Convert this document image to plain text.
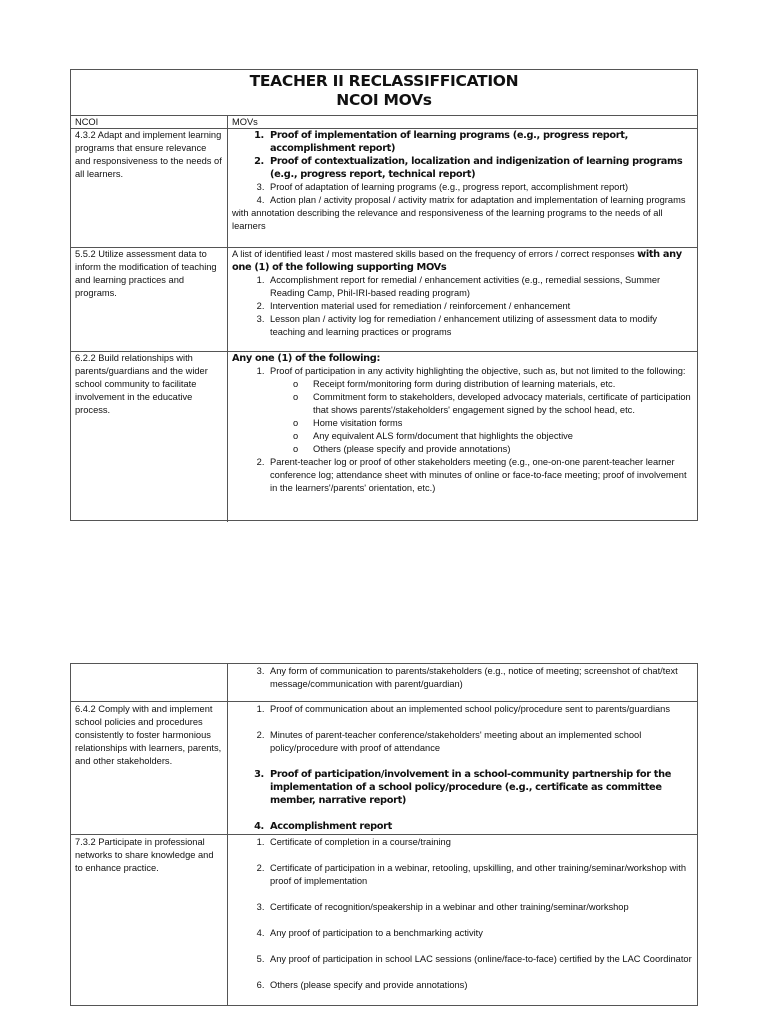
TEACHER II RECLASSIFFICATION
NCOI MOVs
NCOI	MOVs
4.3.2 Adapt and implement learning programs that ensure relevance and responsiveness to the needs of all learners.
1. Proof of implementation of learning programs (e.g., progress report, accomplishment report)
2. Proof of contextualization, localization and indigenization of learning programs (e.g., progress report, technical report)
3. Proof of adaptation of learning programs (e.g., progress report, accomplishment report)
4. Action plan / activity proposal / activity matrix for adaptation and implementation of learning programs
with annotation describing the relevance and responsiveness of the learning programs to the needs of all learners
5.5.2 Utilize assessment data to inform the modification of teaching and learning practices and programs.
A list of identified least / most mastered skills based on the frequency of errors / correct responses with any one (1) of the following supporting MOVs
1. Accomplishment report for remedial / enhancement activities (e.g., remedial sessions, Summer Reading Camp, Phil-IRI-based reading program)
2. Intervention material used for remediation / reinforcement / enhancement
3. Lesson plan / activity log for remediation / enhancement utilizing of assessment data to modify teaching and learning practices or programs
6.2.2 Build relationships with parents/guardians and the wider school community to facilitate involvement in the educative process.
Any one (1) of the following:
1. Proof of participation in any activity highlighting the objective, such as, but not limited to the following:
o Receipt form/monitoring form during distribution of learning materials, etc.
o Commitment form to stakeholders, developed advocacy materials, certificate of participation that shows parents'/stakeholders' engagement signed by the school head, etc.
o Home visitation forms
o Any equivalent ALS form/document that highlights the objective
o Others (please specify and provide annotations)
2. Parent-teacher log or proof of other stakeholders meeting (e.g., one-on-one parent-teacher learner conference log; attendance sheet with minutes of online or face-to-face meeting; proof of involvement in the learners'/parents' orientation, etc.)
3. Any form of communication to parents/stakeholders (e.g., notice of meeting; screenshot of chat/text message/communication with parent/guardian)
6.4.2 Comply with and implement school policies and procedures consistently to foster harmonious relationships with learners, parents, and other stakeholders.
1. Proof of communication about an implemented school policy/procedure sent to parents/guardians
2. Minutes of parent-teacher conference/stakeholders' meeting about an implemented school policy/procedure with proof of attendance
3. Proof of participation/involvement in a school-community partnership for the implementation of a school policy/procedure (e.g., certificate as committee member, narrative report)
4. Accomplishment report
7.3.2 Participate in professional networks to share knowledge and to enhance practice.
1. Certificate of completion in a course/training
2. Certificate of participation in a webinar, retooling, upskilling, and other training/seminar/workshop with proof of implementation
3. Certificate of recognition/speakership in a webinar and other training/seminar/workshop
4. Any proof of participation to a benchmarking activity
5. Any proof of participation in school LAC sessions (online/face-to-face) certified by the LAC Coordinator
6. Others (please specify and provide annotations)
